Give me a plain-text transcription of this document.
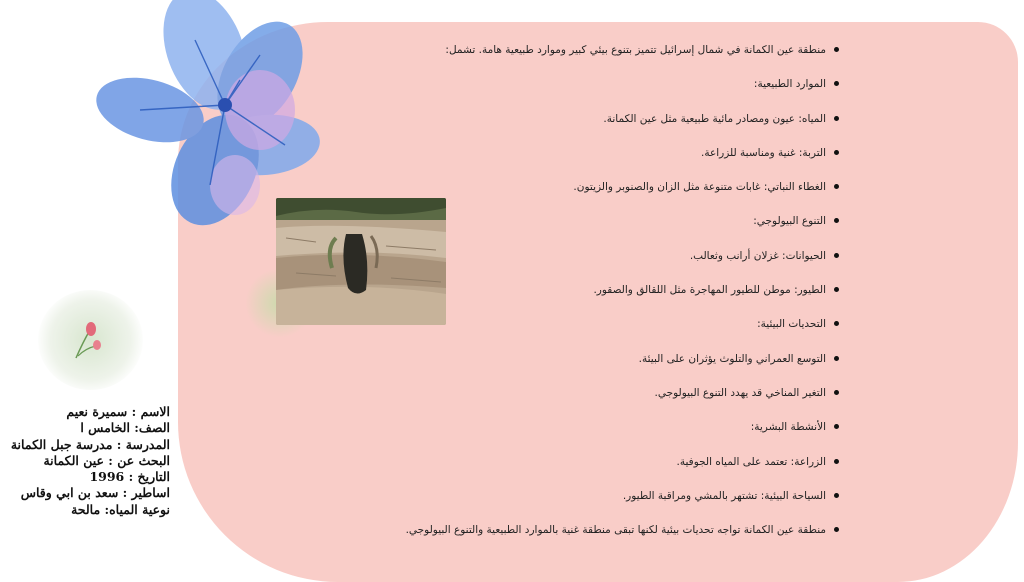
منطقة عين الكمانة في شمال إسرائيل تتميز بتنوع بيئي كبير وموارد طبيعية هامة. تشمل:
الموارد الطبيعية:
المياه: عيون ومصادر مائية طبيعية مثل عين الكمانة.
التربة: غنية ومناسبة للزراعة.
الغطاء النباتي: غابات متنوعة مثل الزان والصنوبر والزيتون.
التنوع البيولوجي:
الحيوانات: غزلان أرانب وثعالب.
الطيور: موطن للطيور المهاجرة مثل اللقالق والصقور.
التحديات البيئية:
التوسع العمراني والتلوث يؤثران على البيئة.
التغير المناخي قد يهدد التنوع البيولوجي.
الأنشطة البشرية:
الزراعة: تعتمد على المياه الجوفية.
السياحة البيئية: تشتهر بالمشي ومراقبة الطيور.
منطقة عين الكمانة تواجه تحديات بيئية لكنها تبقى منطقة غنية بالموارد الطبيعية والتنوع البيولوجي.
الاسم : سميرة نعيم
الصف: الخامس ا
المدرسة : مدرسة جبل الكمانة
البحث عن : عين الكمانة
التاريخ : 1996
اساطير : سعد بن ابي وقاس
نوعية المياه: مالحة
